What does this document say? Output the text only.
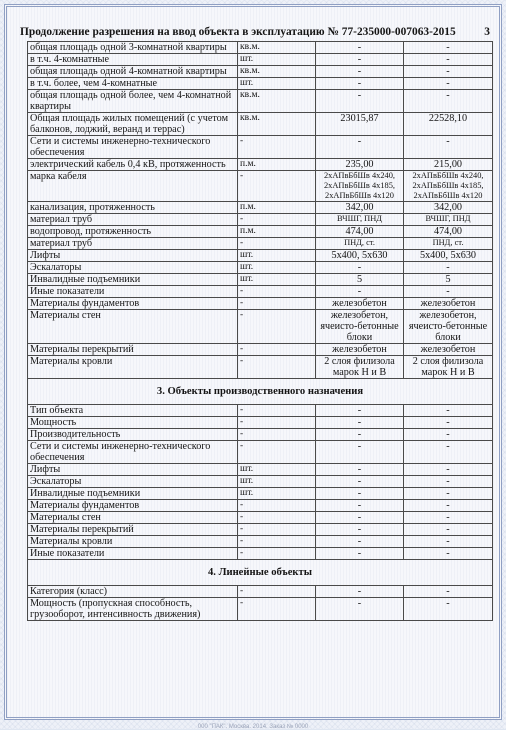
Продолжение разрешения на ввод объекта в эксплуатацию № 77-235000-007063-2015	3
общая площадь одной 3-комнатной квартиры	кв.м.	-	-
в т.ч. 4-комнатные	шт.	-	-
общая площадь одной 4-комнатной квартиры	кв.м.	-	-
в т.ч. более, чем 4-комнатные	шт.	-	-
общая площадь одной более, чем 4-комнатной квартиры	кв.м.	-	-
Общая площадь жилых помещений (с учетом балконов, лоджий, веранд и террас)	кв.м.	23015,87	22528,10
Сети и системы инженерно-технического обеспечения	-	-	-
электрический кабель 0,4 кВ, протяженность	п.м.	235,00	215,00
марка кабеля	-	2хАПвБбШв 4х240, 2хАПвБбШв 4х185, 2хАПвБбШв 4х120	2хАПвБбШв 4х240, 2хАПвБбШв 4х185, 2хАПвБбШв 4х120
канализация, протяженность	п.м.	342,00	342,00
материал труб	-	ВЧШГ, ПНД	ВЧШГ, ПНД
водопровод, протяженность	п.м.	474,00	474,00
материал труб	-	ПНД, ст.	ПНД, ст.
Лифты	шт.	5х400, 5х630	5х400, 5х630
Эскалаторы	шт.	-	-
Инвалидные подъемники	шт.	5	5
Иные показатели	-	-	-
Материалы фундаментов	-	железобетон	железобетон
Материалы стен	-	железобетон, ячеисто-бетонные блоки	железобетон, ячеисто-бетонные блоки
Материалы перекрытий	-	железобетон	железобетон
Материалы кровли	-	2 слоя филизола марок Н и В	2 слоя филизола марок Н и В
3. Объекты производственного назначения			
Тип объекта	-	-	-
Мощность	-	-	-
Производительность	-	-	-
Сети и системы инженерно-технического обеспечения	-	-	-
Лифты	шт.	-	-
Эскалаторы	шт.	-	-
Инвалидные подъемники	шт.	-	-
Материалы фундаментов	-	-	-
Материалы стен	-	-	-
Материалы перекрытий	-	-	-
Материалы кровли	-	-	-
Иные показатели	-	-	-
4. Линейные объекты			
Категория (класс)	-	-	-
Мощность (пропускная способность, грузооборот, интенсивность движения)	-	-	-
000 "ПАК". Москва. 2014. Заказ № 0000
